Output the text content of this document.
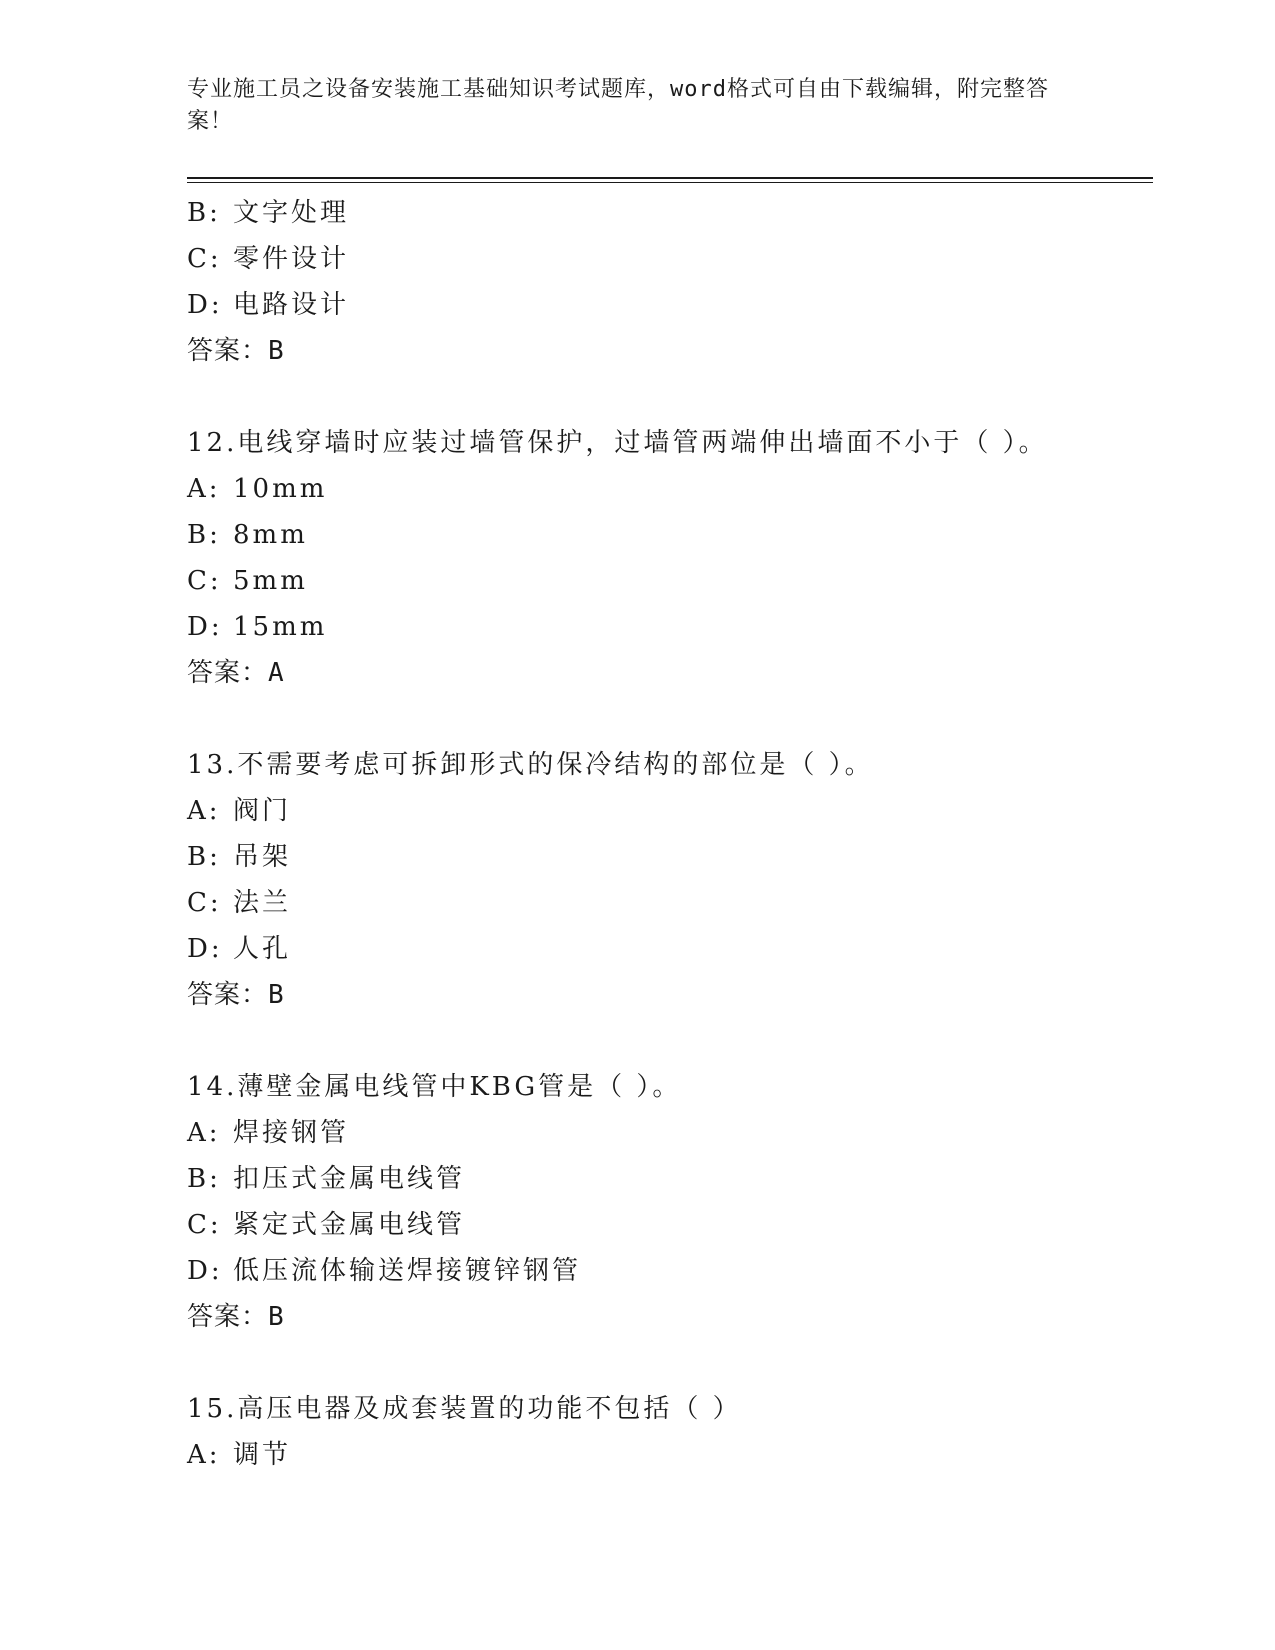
专业施工员之设备安装施工基础知识考试题库，word格式可自由下载编辑，附完整答案！
B: 文字处理
C: 零件设计
D: 电路设计
答案：B
12.电线穿墙时应装过墙管保护，过墙管两端伸出墙面不小于（ ）。
A: 10mm
B: 8mm
C: 5mm
D: 15mm
答案：A
13.不需要考虑可拆卸形式的保冷结构的部位是（ ）。
A: 阀门
B: 吊架
C: 法兰
D: 人孔
答案：B
14.薄壁金属电线管中KBG管是（ ）。
A: 焊接钢管
B: 扣压式金属电线管
C: 紧定式金属电线管
D: 低压流体输送焊接镀锌钢管
答案：B
15.高压电器及成套装置的功能不包括（ ）
A: 调节
